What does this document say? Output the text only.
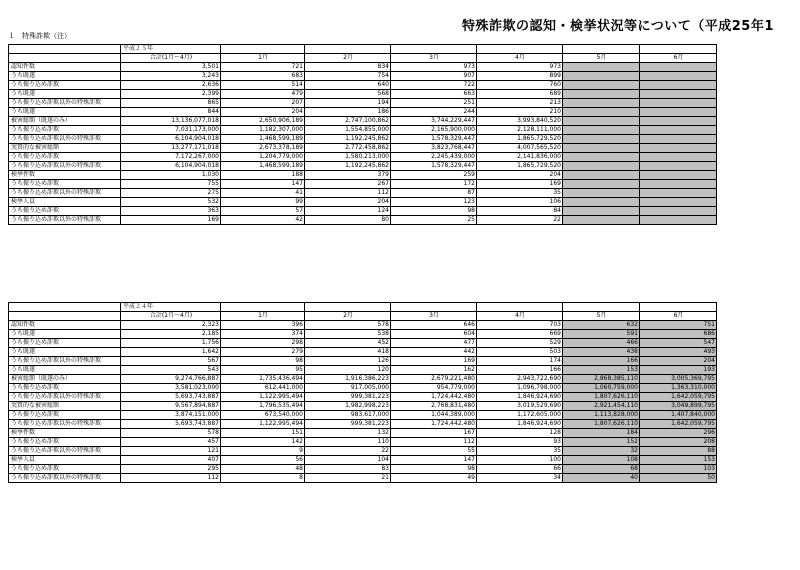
特殊詐欺の認知・検挙状況等について（平成25年1
１　特殊詐欺（注）
	平成２５年						
	合計(1月～4月)	1月	2月	3月	4月	5月	6月
認知件数	3,501	721	834	973	973		
うち既遂	3,243	683	754	907	899		
うち振り込め詐欺	2,636	514	640	722	760		
うち既遂	2,399	479	568	663	689		
うち振り込め詐欺以外の特殊詐欺	865	207	194	251	213		
うち既遂	844	204	186	244	210		
被害総額（既遂のみ）	13,136,077,018	2,650,906,189	2,747,100,862	3,744,229,447	3,993,840,520		
うち振り込め詐欺	7,031,173,000	1,182,307,000	1,554,855,000	2,165,900,000	2,128,111,000		
うち振り込め詐欺以外の特殊詐欺	6,104,904,018	1,468,599,189	1,192,245,862	1,578,329,447	1,865,729,520		
実質的な被害総額	13,277,171,018	2,673,378,189	2,772,458,862	3,823,768,447	4,007,565,520		
うち振り込め詐欺	7,172,267,000	1,204,779,000	1,580,213,000	2,245,439,000	2,141,836,000		
うち振り込め詐欺以外の特殊詐欺	6,104,904,018	1,468,599,189	1,192,245,862	1,578,329,447	1,865,729,520		
検挙件数	1,030	188	379	259	204		
うち振り込め詐欺	755	147	267	172	169		
うち振り込め詐欺以外の特殊詐欺	275	41	112	87	35		
検挙人員	532	99	204	123	106		
うち振り込め詐欺	363	57	124	98	84		
うち振り込め詐欺以外の特殊詐欺	169	42	80	25	22		
	平成２４年						
	合計(1月～4月)	1月	2月	3月	4月	5月	6月
認知件数	2,323	396	578	646	703	632	751
うち既遂	2,185	374	538	604	669	591	686
うち振り込め詐欺	1,756	298	452	477	529	466	547
うち既遂	1,642	279	418	442	503	438	493
うち振り込め詐欺以外の特殊詐欺	567	98	126	169	174	166	204
うち既遂	543	95	120	162	166	153	193
被害総額（既遂のみ）	9,274,766,887	1,735,436,494	1,916,386,223	2,679,221,480	2,943,722,690	2,868,385,110	3,005,369,795
うち振り込め詐欺	3,581,023,000	612,441,000	917,005,000	954,779,000	1,096,798,000	1,060,759,000	1,363,310,000
うち振り込め詐欺以外の特殊詐欺	5,693,743,887	1,122,995,494	999,381,223	1,724,442,480	1,846,924,690	1,807,626,110	1,642,059,795
実質的な被害総額	9,567,894,887	1,796,535,494	1,982,998,223	2,768,831,480	3,019,529,690	2,921,454,110	3,049,899,795
うち振り込め詐欺	3,874,151,000	673,540,000	983,617,000	1,044,389,000	1,172,605,000	1,113,828,000	1,407,840,000
うち振り込め詐欺以外の特殊詐欺	5,693,743,887	1,122,995,494	999,381,223	1,724,442,480	1,846,924,690	1,807,626,110	1,642,059,795
検挙件数	578	151	132	167	128	184	296
うち振り込め詐欺	457	142	110	112	93	152	208
うち振り込め詐欺以外の特殊詐欺	121	9	22	55	35	32	88
検挙人員	407	56	104	147	100	108	153
うち振り込め詐欺	295	48	83	98	66	68	103
うち振り込め詐欺以外の特殊詐欺	112	8	21	49	34	40	50
